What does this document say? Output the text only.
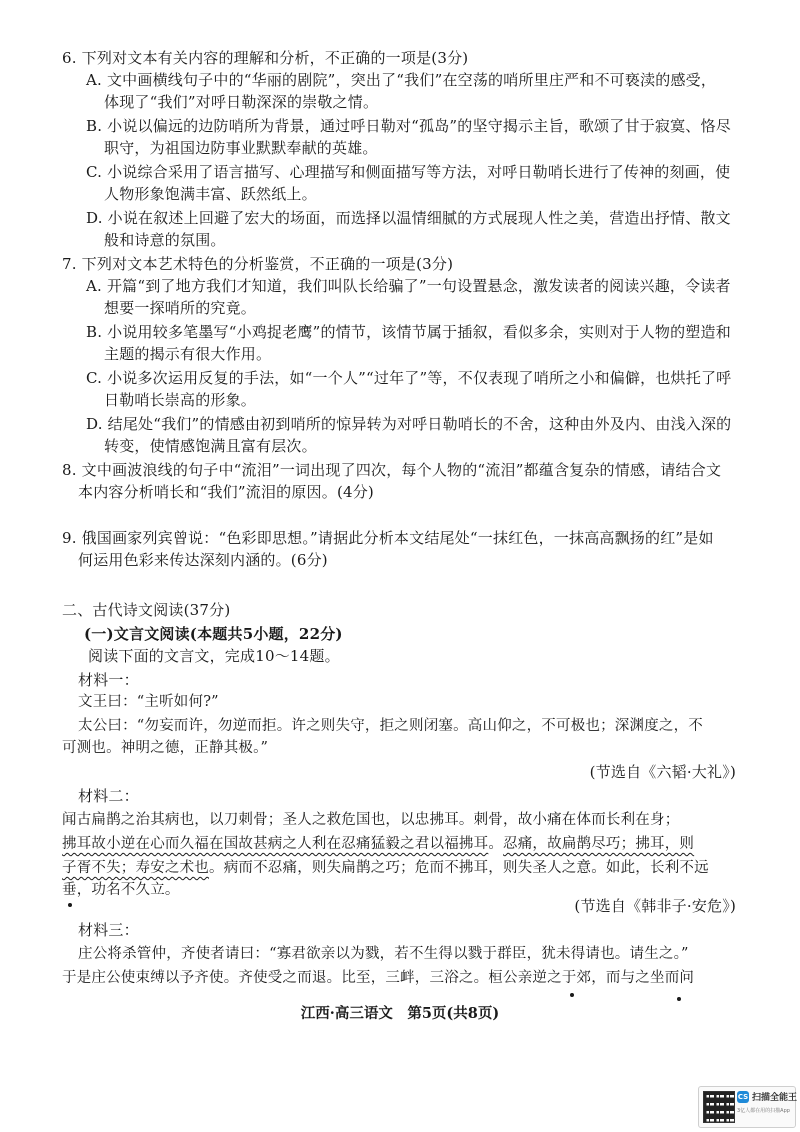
6. 下列对文本有关内容的理解和分析，不正确的一项是(3分)
A. 文中画横线句子中的“华丽的剧院”，突出了“我们”在空荡的哨所里庄严和不可亵渎的感受，
体现了“我们”对呼日勒深深的崇敬之情。
B. 小说以偏远的边防哨所为背景，通过呼日勒对“孤岛”的坚守揭示主旨，歌颂了甘于寂寞、恪尽
职守，为祖国边防事业默默奉献的英雄。
C. 小说综合采用了语言描写、心理描写和侧面描写等方法，对呼日勒哨长进行了传神的刻画，使
人物形象饱满丰富、跃然纸上。
D. 小说在叙述上回避了宏大的场面，而选择以温情细腻的方式展现人性之美，营造出抒情、散文
般和诗意的氛围。
7. 下列对文本艺术特色的分析鉴赏，不正确的一项是(3分)
A. 开篇“到了地方我们才知道，我们叫队长给骗了”一句设置悬念，激发读者的阅读兴趣，令读者
想要一探哨所的究竟。
B. 小说用较多笔墨写“小鸡捉老鹰”的情节，该情节属于插叙，看似多余，实则对于人物的塑造和
主题的揭示有很大作用。
C. 小说多次运用反复的手法，如“一个人”“过年了”等，不仅表现了哨所之小和偏僻，也烘托了呼
日勒哨长崇高的形象。
D. 结尾处“我们”的情感由初到哨所的惊异转为对呼日勒哨长的不舍，这种由外及内、由浅入深的
转变，使情感饱满且富有层次。
8. 文中画波浪线的句子中“流泪”一词出现了四次，每个人物的“流泪”都蕴含复杂的情感，请结合文
本内容分析哨长和“我们”流泪的原因。(4分)
9. 俄国画家列宾曾说：“色彩即思想。”请据此分析本文结尾处“一抹红色，一抹高高飘扬的红”是如
何运用色彩来传达深刻内涵的。(6分)
二、古代诗文阅读(37分)
(一)文言文阅读(本题共5小题，22分)
阅读下面的文言文，完成10～14题。
材料一：
文王曰：“主听如何?”
太公曰：“勿妄而许，勿逆而拒。许之则失守，拒之则闭塞。高山仰之，不可极也；深渊度之，不
可测也。神明之德，正静其极。”
(节选自《六韬·大礼》)
材料二：
闻古扁鹊之治其病也，以刀刺骨；圣人之救危国也，以忠拂耳。刺骨，故小痛在体而长利在身；
拂耳故小逆在心而久福在国故甚病之人利在忍痛猛毅之君以福拂耳。忍痛，故扁鹊尽巧；拂耳，则
子胥不失；寿安之术也。病而不忍痛，则失扁鹊之巧；危而不拂耳，则失圣人之意。如此，长利不远
垂，功名不久立。
(节选自《韩非子·安危》)
材料三：
庄公将杀管仲，齐使者请曰：“寡君欲亲以为戮，若不生得以戮于群臣，犹未得请也。请生之。”
于是庄公使束缚以予齐使。齐使受之而退。比至，三衅，三浴之。桓公亲逆之于郊，而与之坐而问
江西·高三语文　第5页(共8页)
CS 扫描全能王
3亿人都在用的扫描App
